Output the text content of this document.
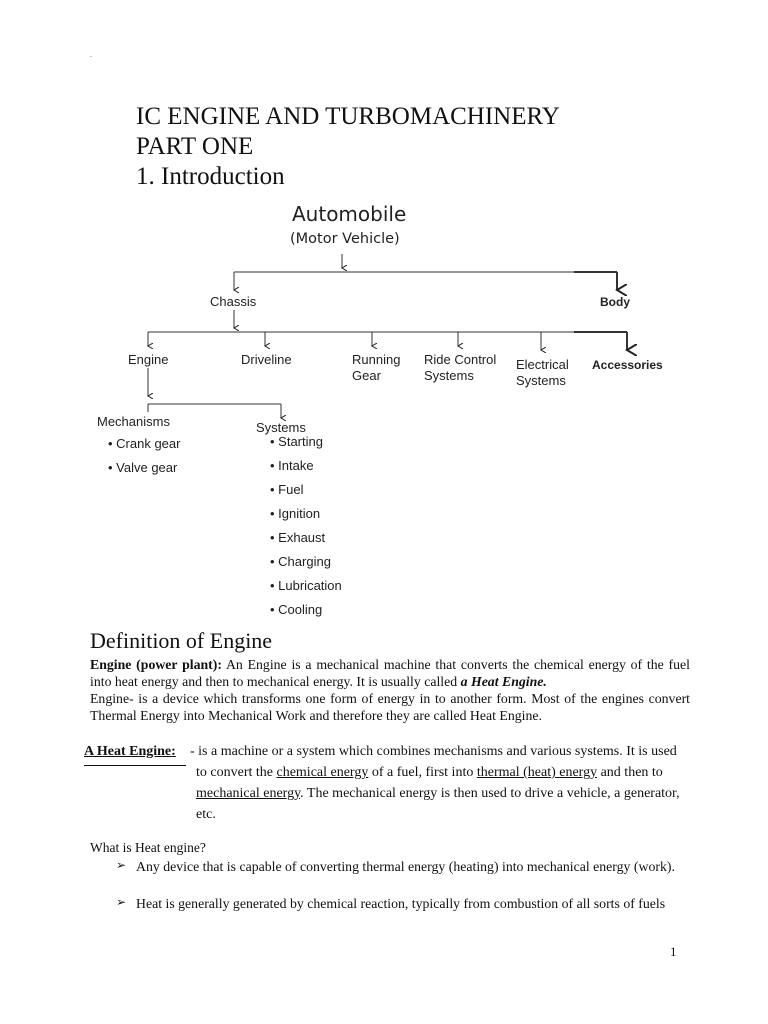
.
IC ENGINE AND TURBOMACHINERY
PART ONE
1. Introduction
Automobile
(Motor Vehicle)
Chassis	Body
Engine	Driveline	Running
Gear
Ride Control
Systems
Electrical
Systems
Accessories
Mechanisms
• Crank gear
• Valve gear
Systems
• Starting
• Intake
• Fuel
• Ignition
• Exhaust
• Charging
• Lubrication
• Cooling
Definition of Engine
Engine (power plant): An Engine is a mechanical machine that converts the chemical energy of the fuel into heat energy and then to mechanical energy. It is usually called a Heat Engine.
Engine- is a device which transforms one form of energy in to another form. Most of the engines convert Thermal Energy into Mechanical Work and therefore they are called Heat Engine.
A Heat Engine: - is a machine or a system which combines mechanisms and various systems. It is used
to convert the chemical energy of a fuel, first into thermal (heat) energy and then to
mechanical energy. The mechanical energy is then used to drive a vehicle, a generator,
etc.
What is Heat engine?
➢ Any device that is capable of converting thermal energy (heating) into mechanical energy (work).
➢ Heat is generally generated by chemical reaction, typically from combustion of all sorts of fuels
1
